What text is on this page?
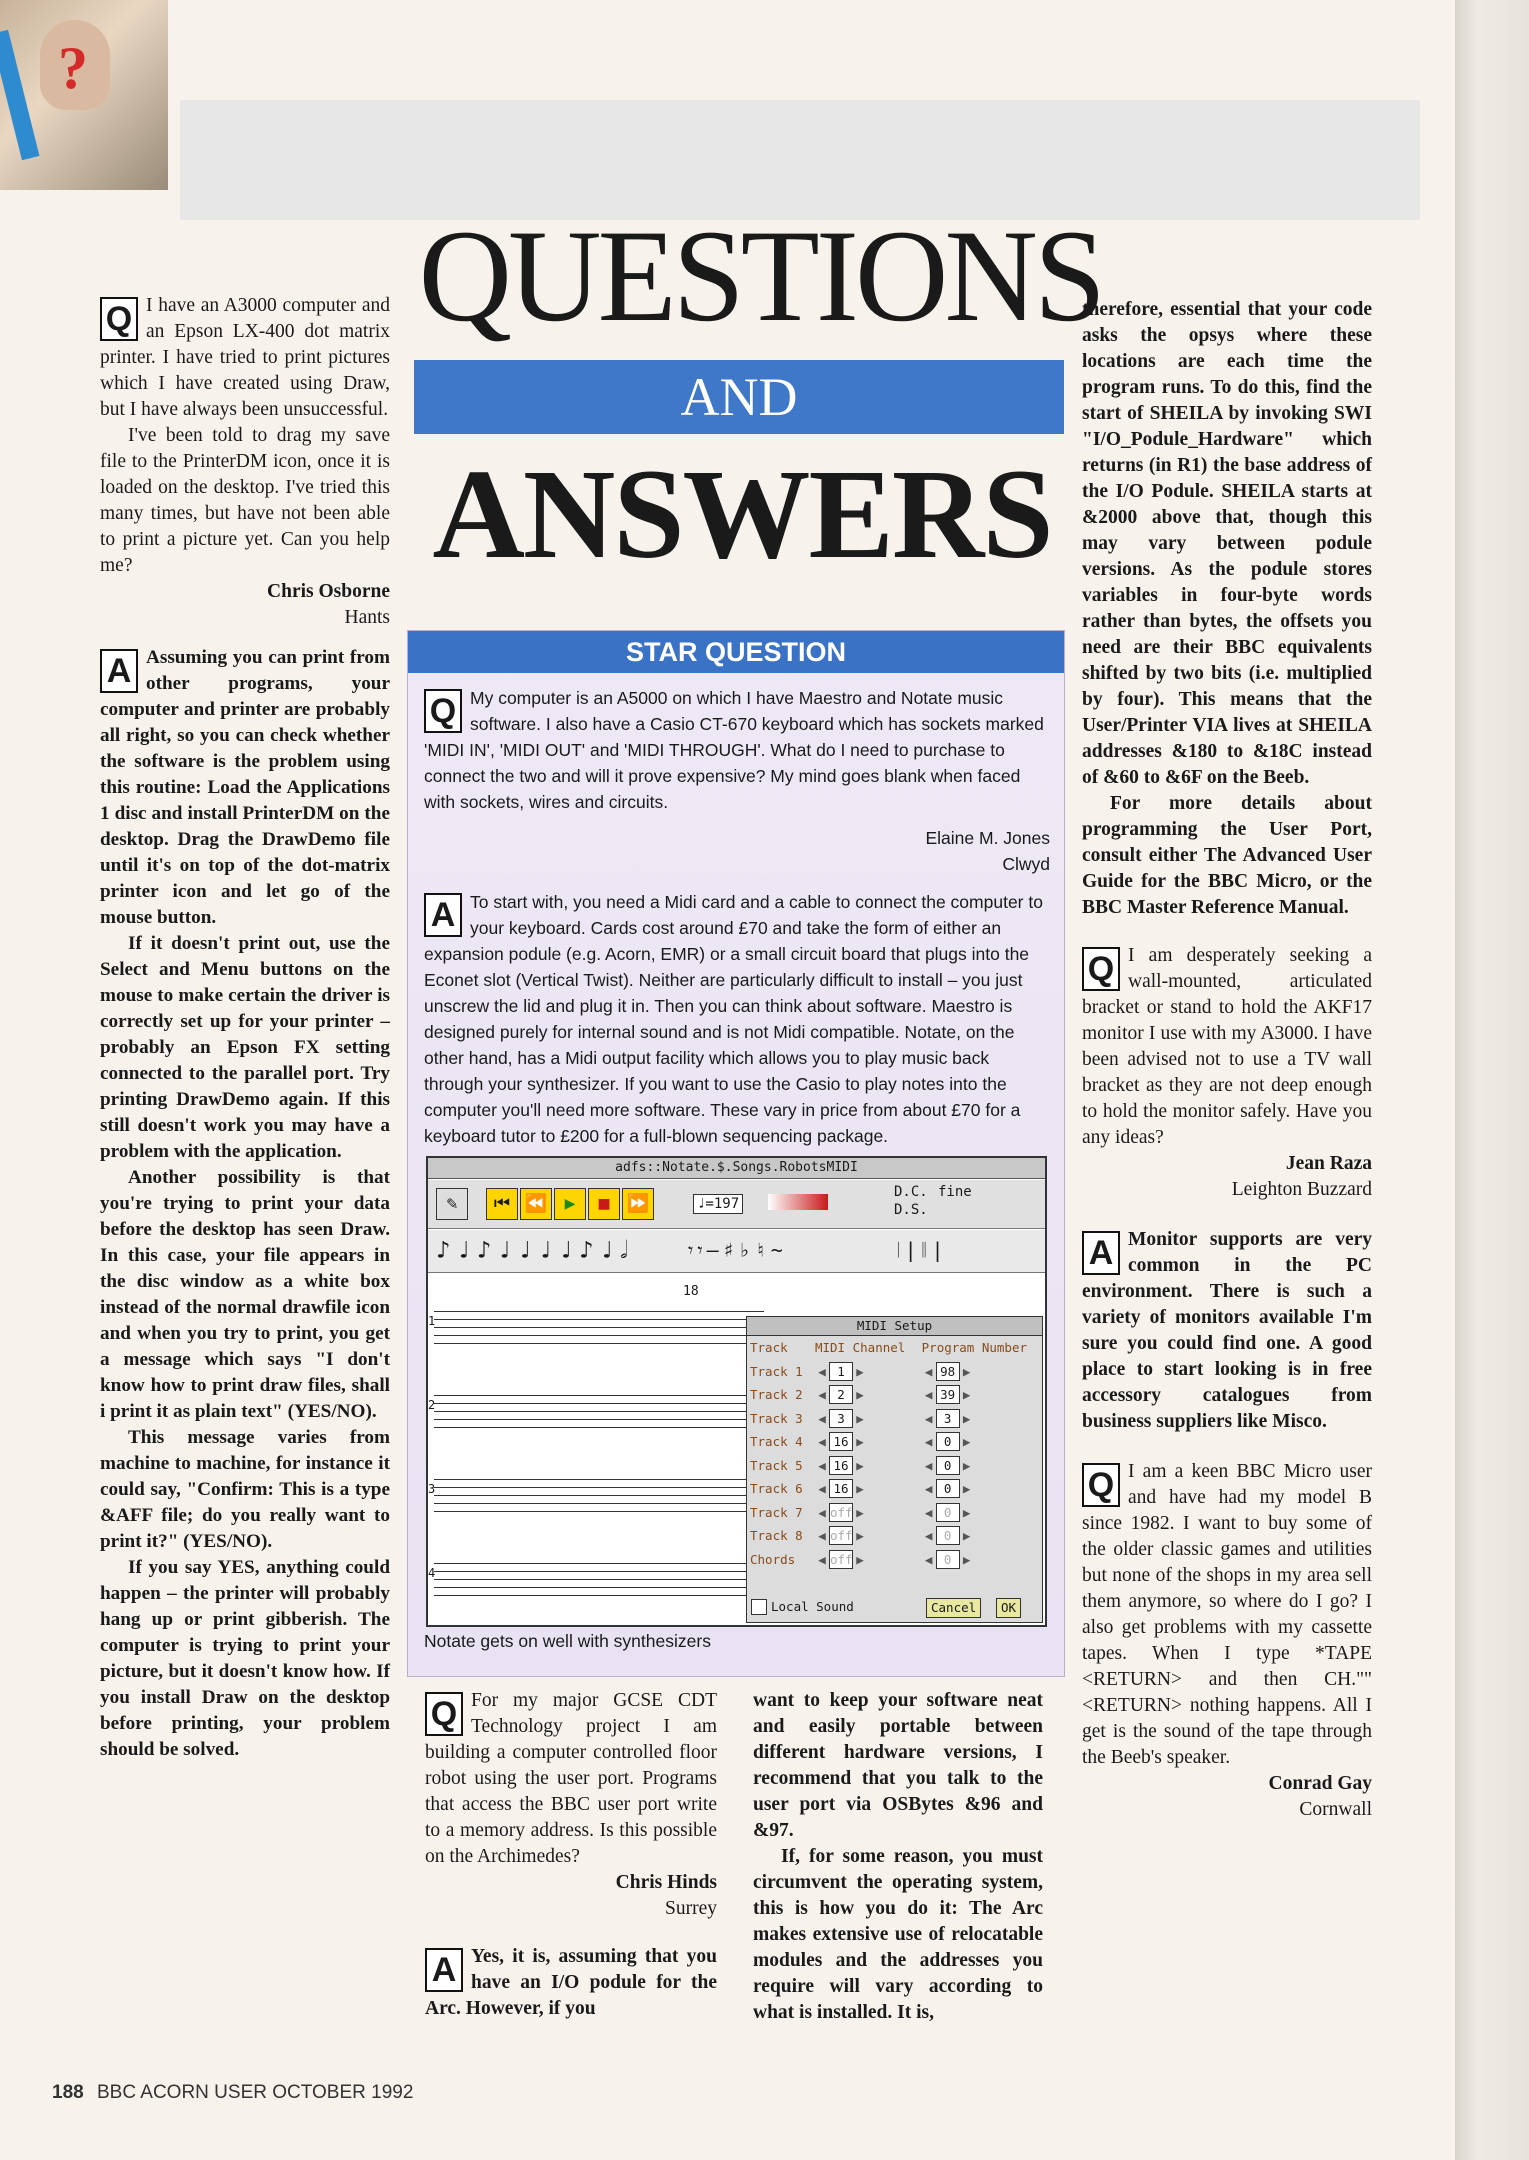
?
QUESTIONS
AND
ANSWERS
Q I have an A3000 computer and an Epson LX-400 dot matrix printer. I have tried to print pictures which I have created using Draw, but I have always been unsuccessful.

I've been told to drag my save file to the PrinterDM icon, once it is loaded on the desktop. I've tried this many times, but have not been able to print a picture yet. Can you help me?

Chris Osborne

Hants

A Assuming you can print from other programs, your computer and printer are probably all right, so you can check whether the software is the problem using this routine: Load the Applications 1 disc and install PrinterDM on the desktop. Drag the DrawDemo file until it's on top of the dot-matrix printer icon and let go of the mouse button.

If it doesn't print out, use the Select and Menu buttons on the mouse to make certain the driver is correctly set up for your printer – probably an Epson FX setting connected to the parallel port. Try printing DrawDemo again. If this still doesn't work you may have a problem with the application.

Another possibility is that you're trying to print your data before the desktop has seen Draw. In this case, your file appears in the disc window as a white box instead of the normal drawfile icon and when you try to print, you get a message which says "I don't know how to print draw files, shall i print it as plain text" (YES/NO).

This message varies from machine to machine, for instance it could say, "Confirm: This is a type &AFF file; do you really want to print it?" (YES/NO).

If you say YES, anything could happen – the printer will probably hang up or print gibberish. The computer is trying to print your picture, but it doesn't know how. If you install Draw on the desktop before printing, your problem should be solved.

STAR QUESTION
Q My computer is an A5000 on which I have Maestro and Notate music software. I also have a Casio CT-670 keyboard which has sockets marked 'MIDI IN', 'MIDI OUT' and 'MIDI THROUGH'. What do I need to purchase to connect the two and will it prove expensive? My mind goes blank when faced with sockets, wires and circuits.

Elaine M. Jones

Clwyd

A To start with, you need a Midi card and a cable to connect the computer to your keyboard. Cards cost around £70 and take the form of either an expansion podule (e.g. Acorn, EMR) or a small circuit board that plugs into the Econet slot (Vertical Twist). Neither are particularly difficult to install – you just unscrew the lid and plug it in. Then you can think about software. Maestro is designed purely for internal sound and is not Midi compatible. Notate, on the other hand, has a Midi output facility which allows you to play music back through your synthesizer. If you want to use the Casio to play notes into the computer you'll need more software. These vary in price from about £70 for a keyboard tutor to £200 for a full-blown sequencing package.

adfs::Notate.$.Songs.RobotsMIDI
✎	⏮ ⏪ ▶	■ ⏩	♩=197
D.C.
D.S.
fine
♪♩♪♩♩♩♩♪♩𝅗𝅥	𝄾𝄾—♯♭♮~	𝄀|𝄁|
18
1
2
3
4
MIDI Setup
Track	MIDI Channel	Program Number
Track 1	◀ 1 ▶	◀ 98 ▶
Track 2	◀ 2 ▶	◀ 39 ▶
Track 3	◀ 3 ▶	◀ 3 ▶
Track 4	◀ 16 ▶	◀ 0 ▶
Track 5	◀ 16 ▶	◀ 0 ▶
Track 6	◀ 16 ▶	◀ 0 ▶
Track 7	◀ off ▶	◀ 0 ▶
Track 8	◀ off ▶	◀ 0 ▶
Chords	◀ off ▶	◀ 0 ▶
Local Sound	Cancel	OK
Notate gets on well with synthesizers
Q For my major GCSE CDT Technology project I am building a computer controlled floor robot using the user port. Programs that access the BBC user port write to a memory address. Is this possible on the Archimedes?

Chris Hinds

Surrey

A Yes, it is, assuming that you have an I/O podule for the Arc. However, if you

want to keep your software neat and easily portable between different hardware versions, I recommend that you talk to the user port via OSBytes &96 and &97.

If, for some reason, you must circumvent the operating system, this is how you do it: The Arc makes extensive use of relocatable modules and the addresses you require will vary according to what is installed. It is,

therefore, essential that your code asks the opsys where these locations are each time the program runs. To do this, find the start of SHEILA by invoking SWI "I/O_Podule_Hardware" which returns (in R1) the base address of the I/O Podule. SHEILA starts at &2000 above that, though this may vary between podule versions. As the podule stores variables in four-byte words rather than bytes, the offsets you need are their BBC equivalents shifted by two bits (i.e. multiplied by four). This means that the User/Printer VIA lives at SHEILA addresses &180 to &18C instead of &60 to &6F on the Beeb.

For more details about programming the User Port, consult either The Advanced User Guide for the BBC Micro, or the BBC Master Reference Manual.

Q I am desperately seeking a wall-mounted, articulated bracket or stand to hold the AKF17 monitor I use with my A3000. I have been advised not to use a TV wall bracket as they are not deep enough to hold the monitor safely. Have you any ideas?

Jean Raza

Leighton Buzzard

A Monitor supports are very common in the PC environment. There is such a variety of monitors available I'm sure you could find one. A good place to start looking is in free accessory catalogues from business suppliers like Misco.

Q I am a keen BBC Micro user and have had my model B since 1982. I want to buy some of the older classic games and utilities but none of the shops in my area sell them anymore, so where do I go? I also get problems with my cassette tapes. When I type *TAPE <RETURN> and then CH."" <RETURN> nothing happens. All I get is the sound of the tape through the Beeb's speaker.

Conrad Gay

Cornwall

188 BBC ACORN USER OCTOBER 1992
